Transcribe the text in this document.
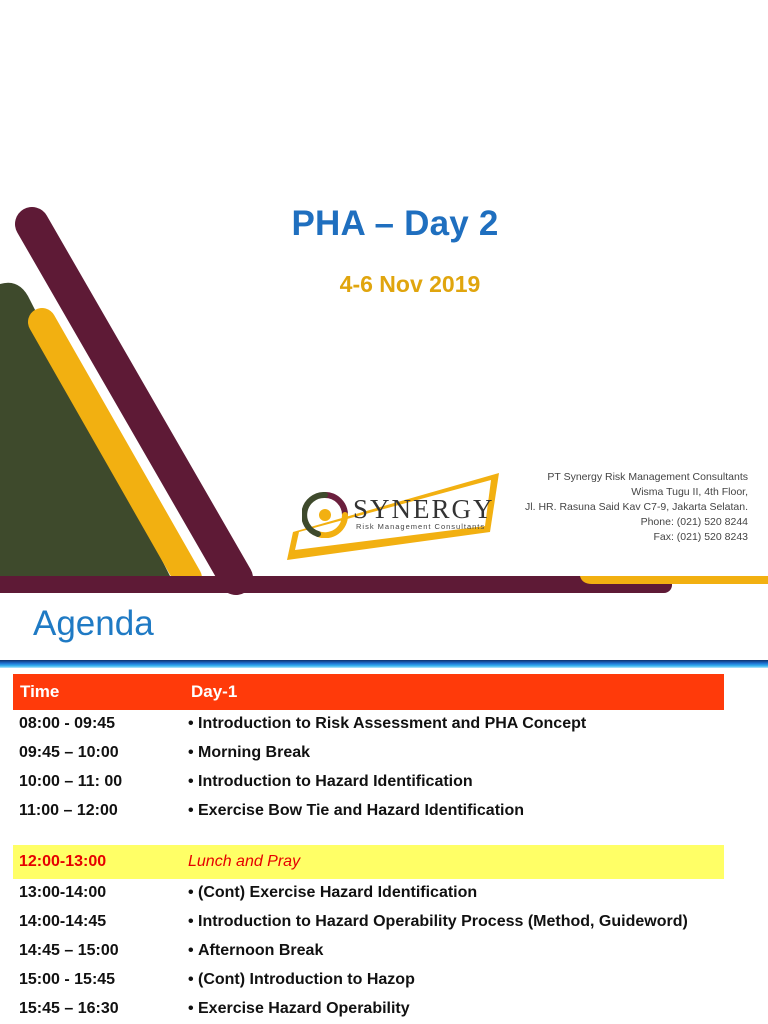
PHA – Day 2
4-6 Nov 2019
SYNERGY
Risk Management Consultants
PT Synergy Risk Management Consultants
Wisma Tugu II, 4th Floor,
Jl. HR. Rasuna Said Kav C7-9, Jakarta Selatan.
Phone: (021) 520 8244
Fax: (021) 520 8243
Agenda
Time	Day-1
08:00 - 09:45	• Introduction to Risk Assessment and PHA Concept
09:45 – 10:00	• Morning Break
10:00 – 11: 00	• Introduction to Hazard Identification
11:00 – 12:00	• Exercise Bow Tie and Hazard Identification
12:00-13:00	Lunch and Pray
13:00-14:00	• (Cont) Exercise Hazard Identification
14:00-14:45	• Introduction to Hazard Operability Process (Method, Guideword)
14:45 – 15:00	• Afternoon Break
15:00 - 15:45	• (Cont) Introduction to Hazop
15:45 – 16:30	• Exercise Hazard Operability
